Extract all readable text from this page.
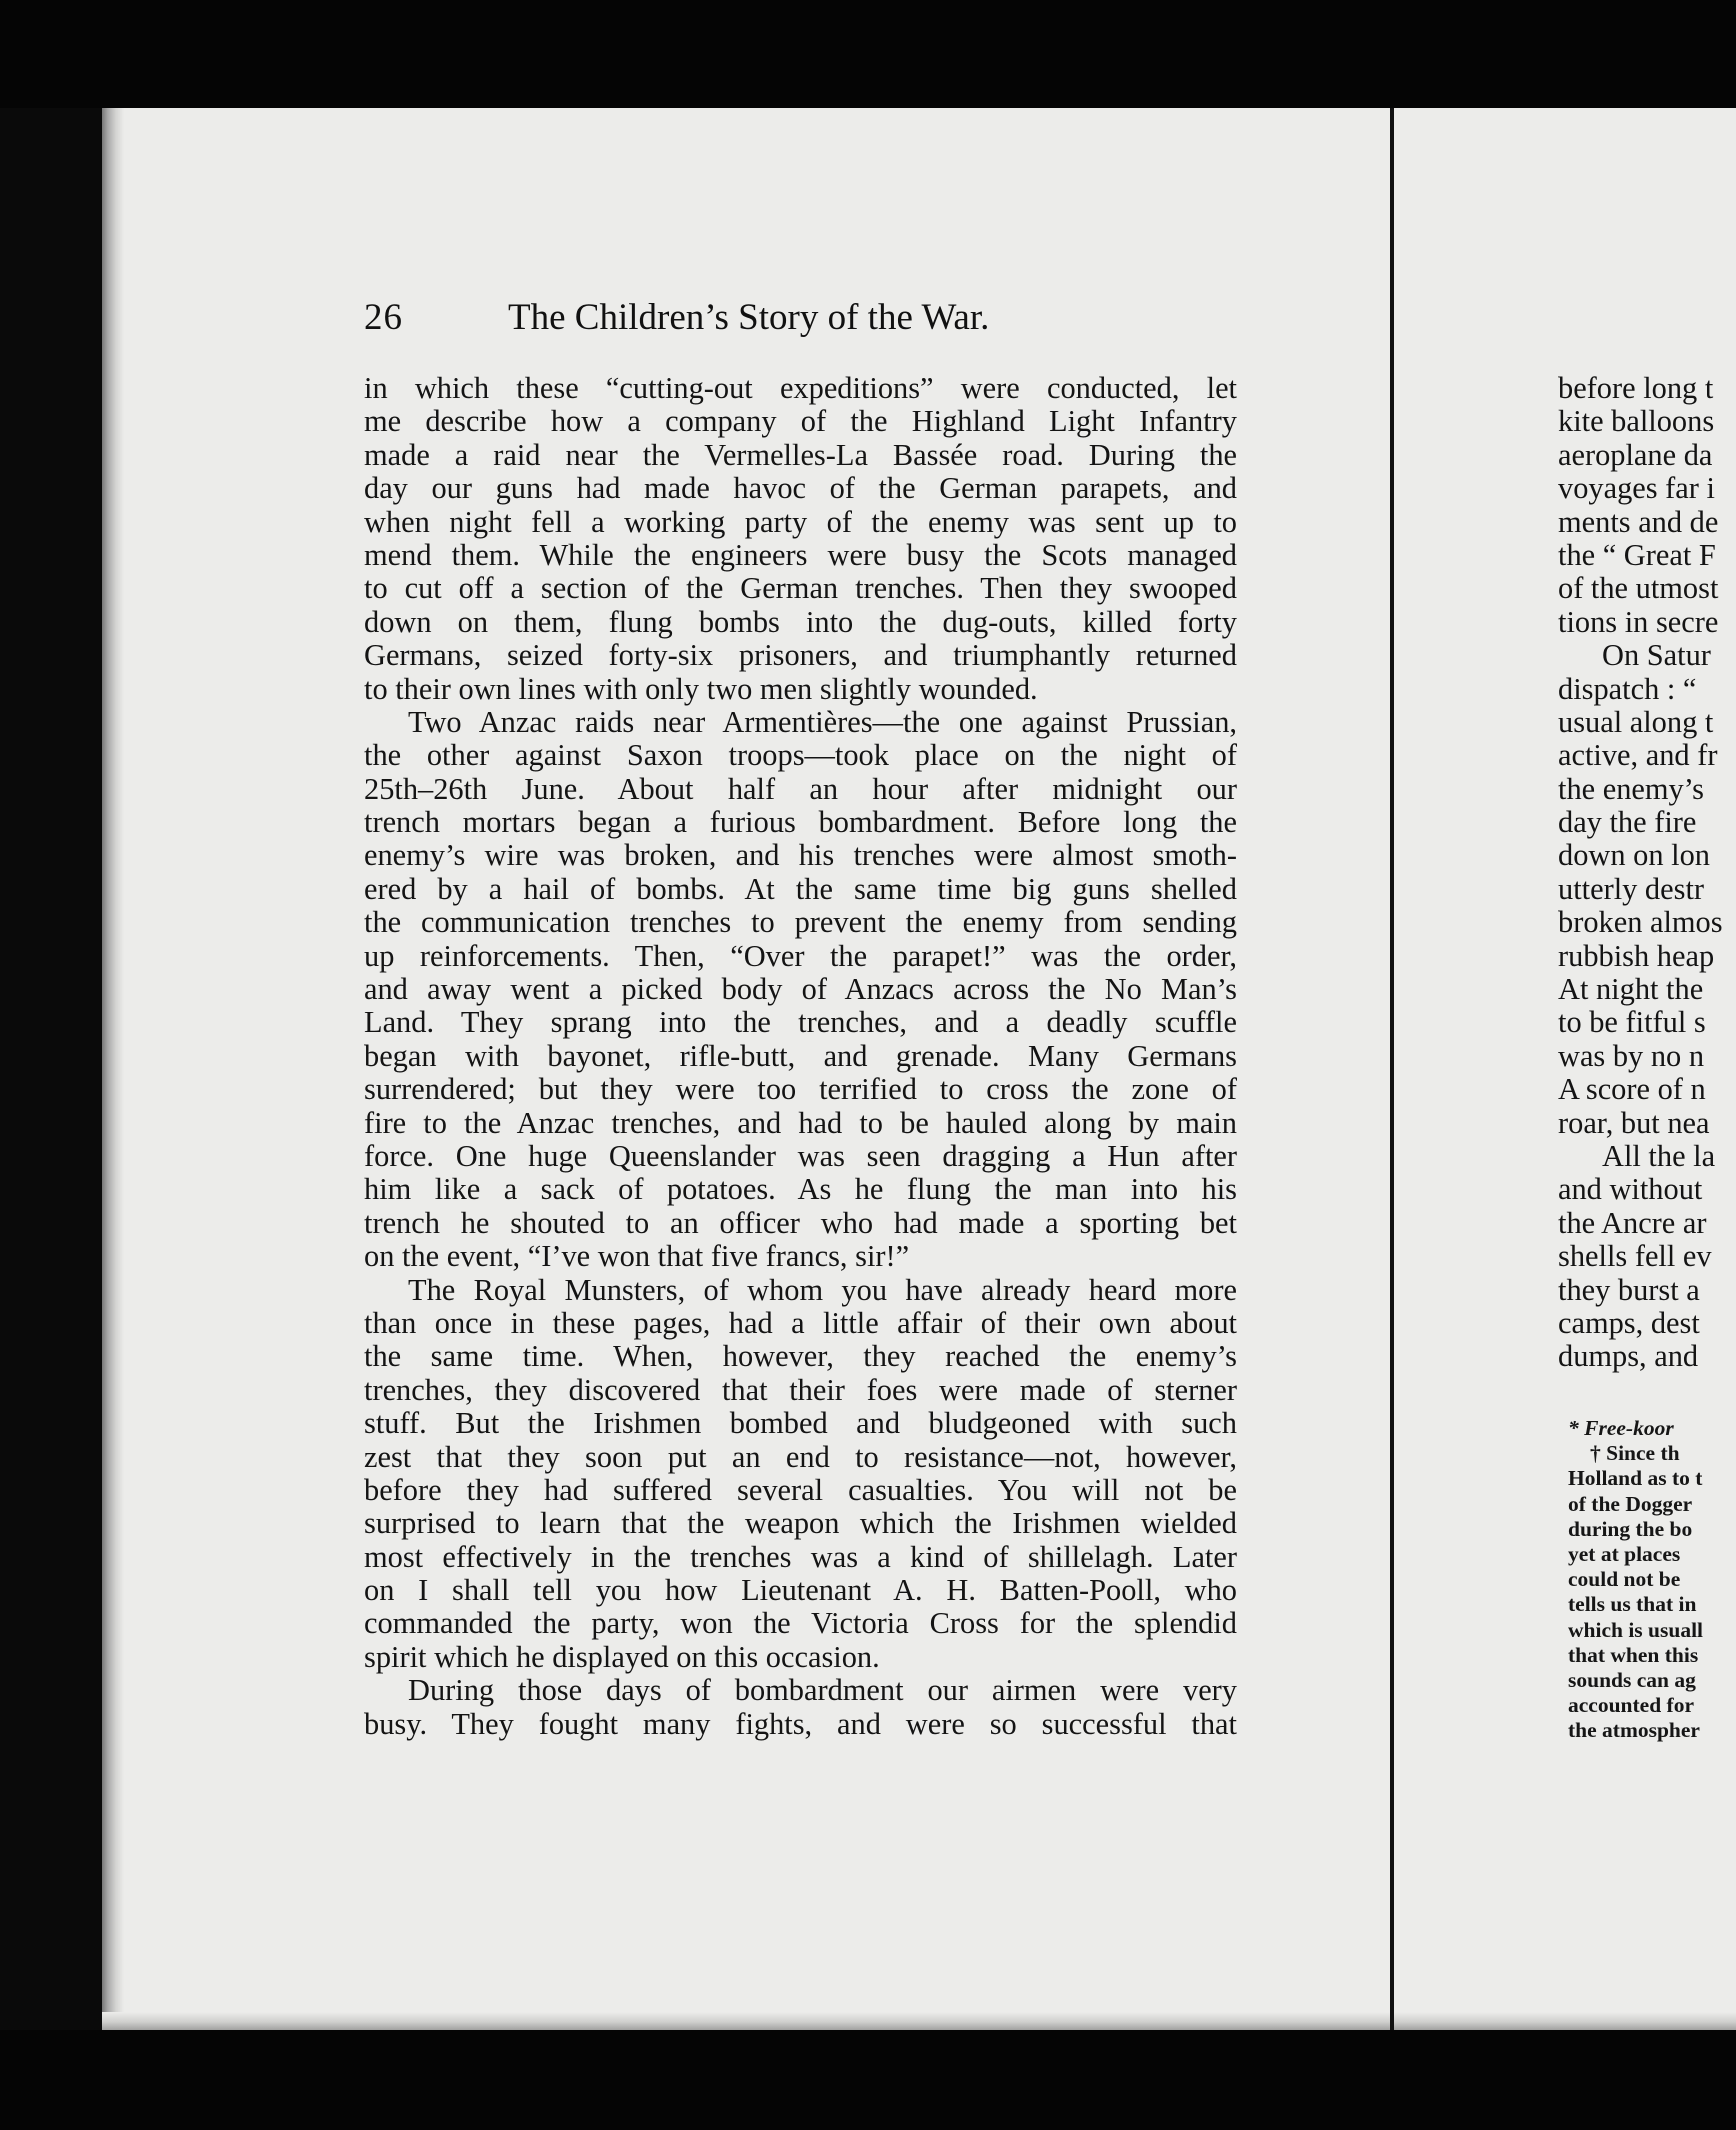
26	The Children’s Story of the War.
in which these “cutting-out expeditions” were conducted, let
me describe how a company of the Highland Light Infantry
made a raid near the Vermelles-La Bassée road. During the
day our guns had made havoc of the German parapets, and
when night fell a working party of the enemy was sent up to
mend them. While the engineers were busy the Scots managed
to cut off a section of the German trenches. Then they swooped
down on them, flung bombs into the dug-outs, killed forty
Germans, seized forty-six prisoners, and triumphantly returned
to their own lines with only two men slightly wounded.
Two Anzac raids near Armentières—the one against Prussian,
the other against Saxon troops—took place on the night of
25th–26th June. About half an hour after midnight our
trench mortars began a furious bombardment. Before long the
enemy’s wire was broken, and his trenches were almost smoth-
ered by a hail of bombs. At the same time big guns shelled
the communication trenches to prevent the enemy from sending
up reinforcements. Then, “Over the parapet!” was the order,
and away went a picked body of Anzacs across the No Man’s
Land. They sprang into the trenches, and a deadly scuffle
began with bayonet, rifle-butt, and grenade. Many Germans
surrendered; but they were too terrified to cross the zone of
fire to the Anzac trenches, and had to be hauled along by main
force. One huge Queenslander was seen dragging a Hun after
him like a sack of potatoes. As he flung the man into his
trench he shouted to an officer who had made a sporting bet
on the event, “I’ve won that five francs, sir!”
The Royal Munsters, of whom you have already heard more
than once in these pages, had a little affair of their own about
the same time. When, however, they reached the enemy’s
trenches, they discovered that their foes were made of sterner
stuff. But the Irishmen bombed and bludgeoned with such
zest that they soon put an end to resistance—not, however,
before they had suffered several casualties. You will not be
surprised to learn that the weapon which the Irishmen wielded
most effectively in the trenches was a kind of shillelagh. Later
on I shall tell you how Lieutenant A. H. Batten-Pooll, who
commanded the party, won the Victoria Cross for the splendid
spirit which he displayed on this occasion.
During those days of bombardment our airmen were very
busy. They fought many fights, and were so successful that
before long t
kite balloons
aeroplane da
voyages far i
ments and de
the “ Great F
of the utmost
tions in secre
On Satur
dispatch : “
usual along t
active, and fr
the enemy’s
day the fire
down on lon
utterly destr
broken almos
rubbish heap
At night the
to be fitful s
was by no n
A score of n
roar, but nea
All the la
and without
the Ancre ar
shells fell ev
they burst a
camps, dest
dumps, and
* Free-koor
† Since th
Holland as to t
of the Dogger
during the bo
yet at places
could not be
tells us that in
which is usuall
that when this
sounds can ag
accounted for
the atmospher
